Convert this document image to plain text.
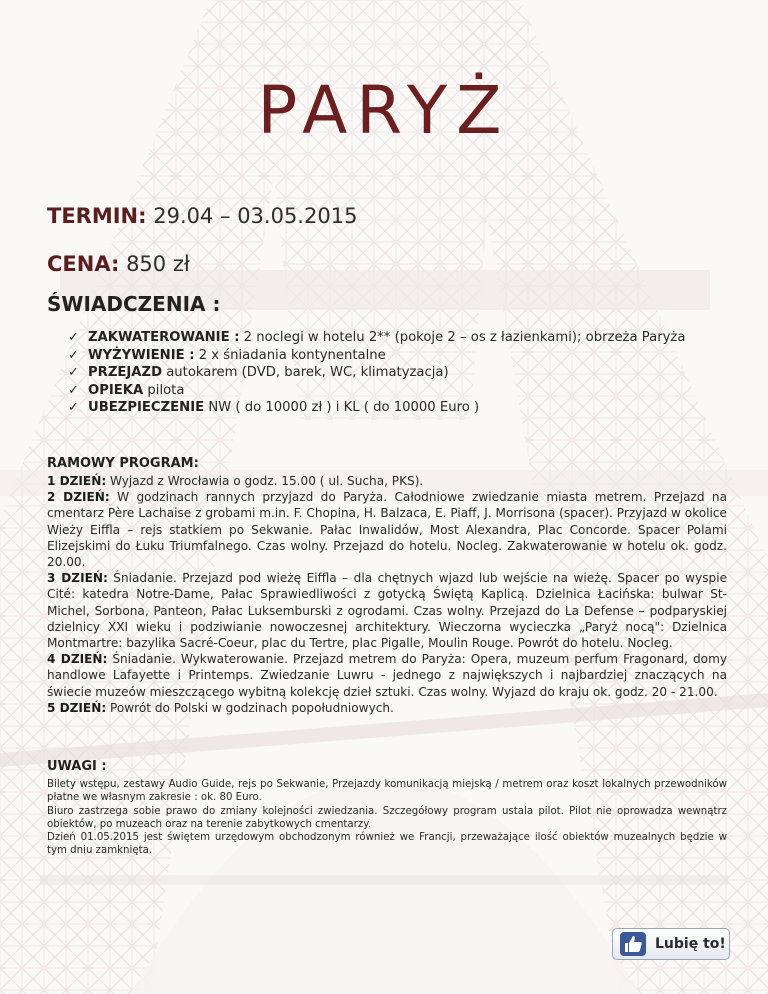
PARYŻ
TERMIN: 29.04 – 03.05.2015
CENA: 850 zł
ŚWIADCZENIA :
✓ ZAKWATEROWANIE : 2 noclegi w hotelu 2** (pokoje 2 – os z łazienkami); obrzeża Paryża
✓ WYŻYWIENIE : 2 x śniadania kontynentalne
✓ PRZEJAZD autokarem (DVD, barek, WC, klimatyzacja)
✓ OPIEKA pilota
✓ UBEZPIECZENIE NW ( do 10000 zł ) i KL ( do 10000 Euro )
RAMOWY PROGRAM:

1 DZIEŃ: Wyjazd z Wrocławia o godz. 15.00 ( ul. Sucha, PKS).

2 DZIEŃ: W godzinach rannych przyjazd do Paryża. Całodniowe zwiedzanie miasta metrem. Przejazd na cmentarz Père Lachaise z grobami m.in. F. Chopina, H. Balzaca, E. Piaff, J. Morrisona (spacer). Przyjazd w okolice Wieży Eiffla – rejs statkiem po Sekwanie. Pałac Inwalidów, Most Alexandra, Plac Concorde. Spacer Polami Elizejskimi do Łuku Triumfalnego. Czas wolny. Przejazd do hotelu. Nocleg. Zakwaterowanie w hotelu ok. godz. 20.00.

3 DZIEŃ: Śniadanie. Przejazd pod wieżę Eiffla – dla chętnych wjazd lub wejście na wieżę. Spacer po wyspie Cité: katedra Notre-Dame, Pałac Sprawiedliwości z gotycką Świętą Kaplicą. Dzielnica Łacińska: bulwar St-Michel, Sorbona, Panteon, Pałac Luksemburski z ogrodami. Czas wolny. Przejazd do La Defense – podparyskiej dzielnicy XXI wieku i podziwianie nowoczesnej architektury. Wieczorna wycieczka „Paryż nocą": Dzielnica Montmartre: bazylika Sacré-Coeur, plac du Tertre, plac Pigalle, Moulin Rouge. Powrót do hotelu. Nocleg.

4 DZIEŃ: Śniadanie. Wykwaterowanie. Przejazd metrem do Paryża: Opera, muzeum perfum Fragonard, domy handlowe Lafayette i Printemps. Zwiedzanie Luwru - jednego z największych i najbardziej znaczących na świecie muzeów mieszczącego wybitną kolekcję dzieł sztuki. Czas wolny. Wyjazd do kraju ok. godz. 20 - 21.00.

5 DZIEŃ: Powrót do Polski w godzinach popołudniowych.

UWAGI :

Bilety wstępu, zestawy Audio Guide, rejs po Sekwanie, Przejazdy komunikacją miejską / metrem oraz koszt lokalnych przewodników płatne we własnym zakresie : ok. 80 Euro.

Biuro zastrzega sobie prawo do zmiany kolejności zwiedzania. Szczegółowy program ustala pilot. Pilot nie oprowadza wewnątrz obiektów, po muzeach oraz na terenie zabytkowych cmentarzy.

Dzień 01.05.2015 jest świętem urzędowym obchodzonym również we Francji, przeważające ilość obiektów muzealnych będzie w tym dniu zamknięta.

Lubię to!
